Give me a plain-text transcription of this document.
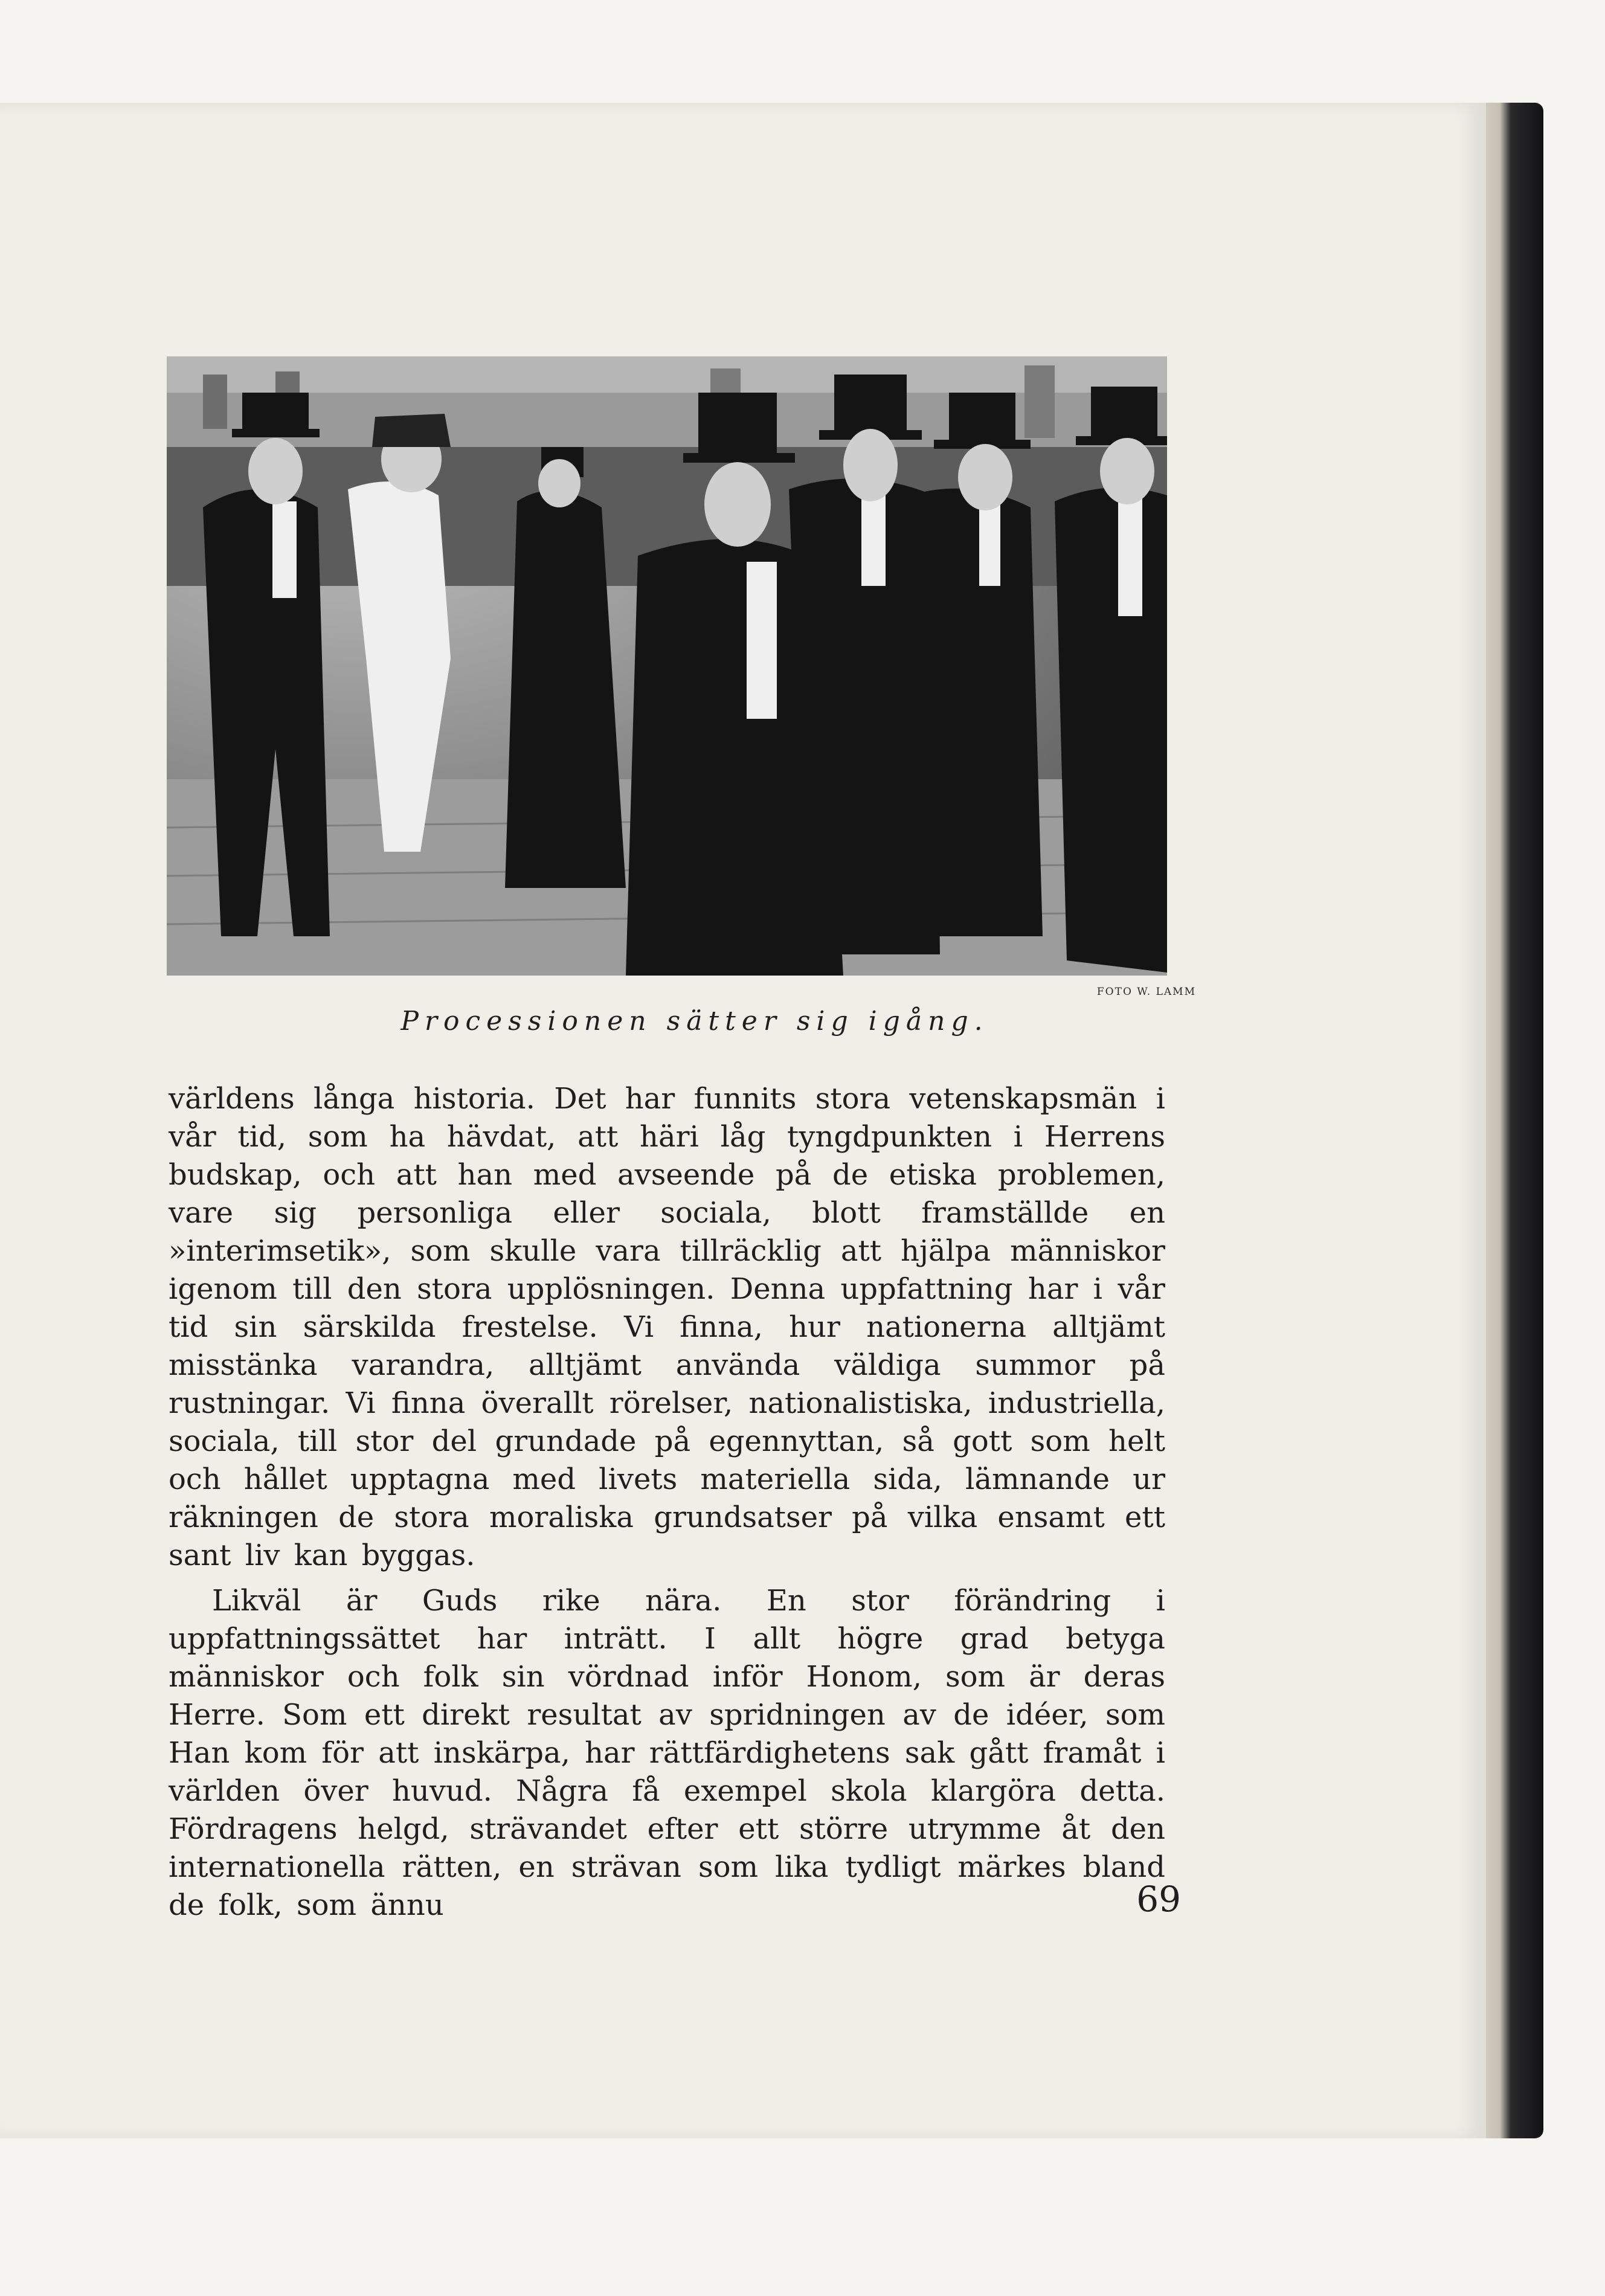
FOTO W. LAMM
Processionen sätter sig igång.

världens långa historia. Det har funnits stora vetenskapsmän i vår tid, som ha hävdat, att häri låg tyngdpunkten i Herrens budskap, och att han med avseende på de etiska problemen, vare sig personliga eller sociala, blott framställde en »interimsetik», som skulle vara tillräcklig att hjälpa människor igenom till den stora upplösningen. Denna uppfattning har i vår tid sin särskilda frestelse. Vi finna, hur nationerna alltjämt misstänka varandra, alltjämt använda väldiga summor på rustningar. Vi finna överallt rörelser, nationalistiska, industriella, sociala, till stor del grundade på egennyttan, så gott som helt och hållet upptagna med livets materiella sida, lämnande ur räkningen de stora moraliska grundsatser på vilka ensamt ett sant liv kan byggas.

Likväl är Guds rike nära. En stor förändring i uppfattningssättet har inträtt. I allt högre grad betyga människor och folk sin vördnad inför Honom, som är deras Herre. Som ett direkt resultat av spridningen av de idéer, som Han kom för att inskärpa, har rättfärdighetens sak gått framåt i världen över huvud. Några få exempel skola klargöra detta. Fördragens helgd, strävandet efter ett större utrymme åt den internationella rätten, en strävan som lika tydligt märkes bland de folk, som ännu	69
